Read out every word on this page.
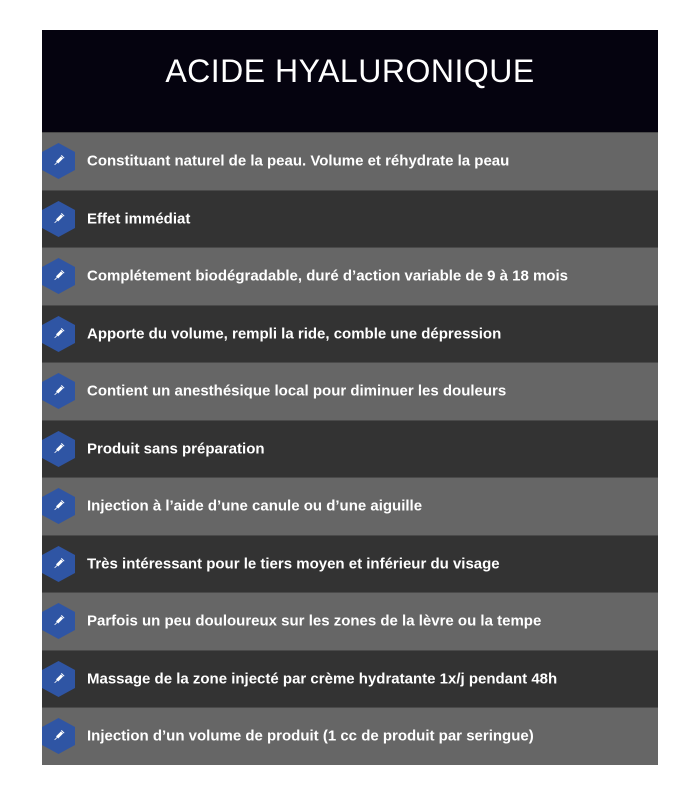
ACIDE HYALURONIQUE
Constituant naturel de la peau. Volume et réhydrate la peau
Effet immédiat
Complétement biodégradable, duré d’action variable de 9 à 18 mois
Apporte du volume, rempli la ride, comble une dépression
Contient un anesthésique local pour diminuer les douleurs
Produit sans préparation
Injection à l’aide d’une canule ou d’une aiguille
Très intéressant pour le tiers moyen et inférieur du visage
Parfois un peu douloureux sur les zones de la lèvre ou la tempe
Massage de la zone injecté par crème hydratante 1x/j pendant 48h
Injection d’un volume de produit (1 cc de produit par seringue)
